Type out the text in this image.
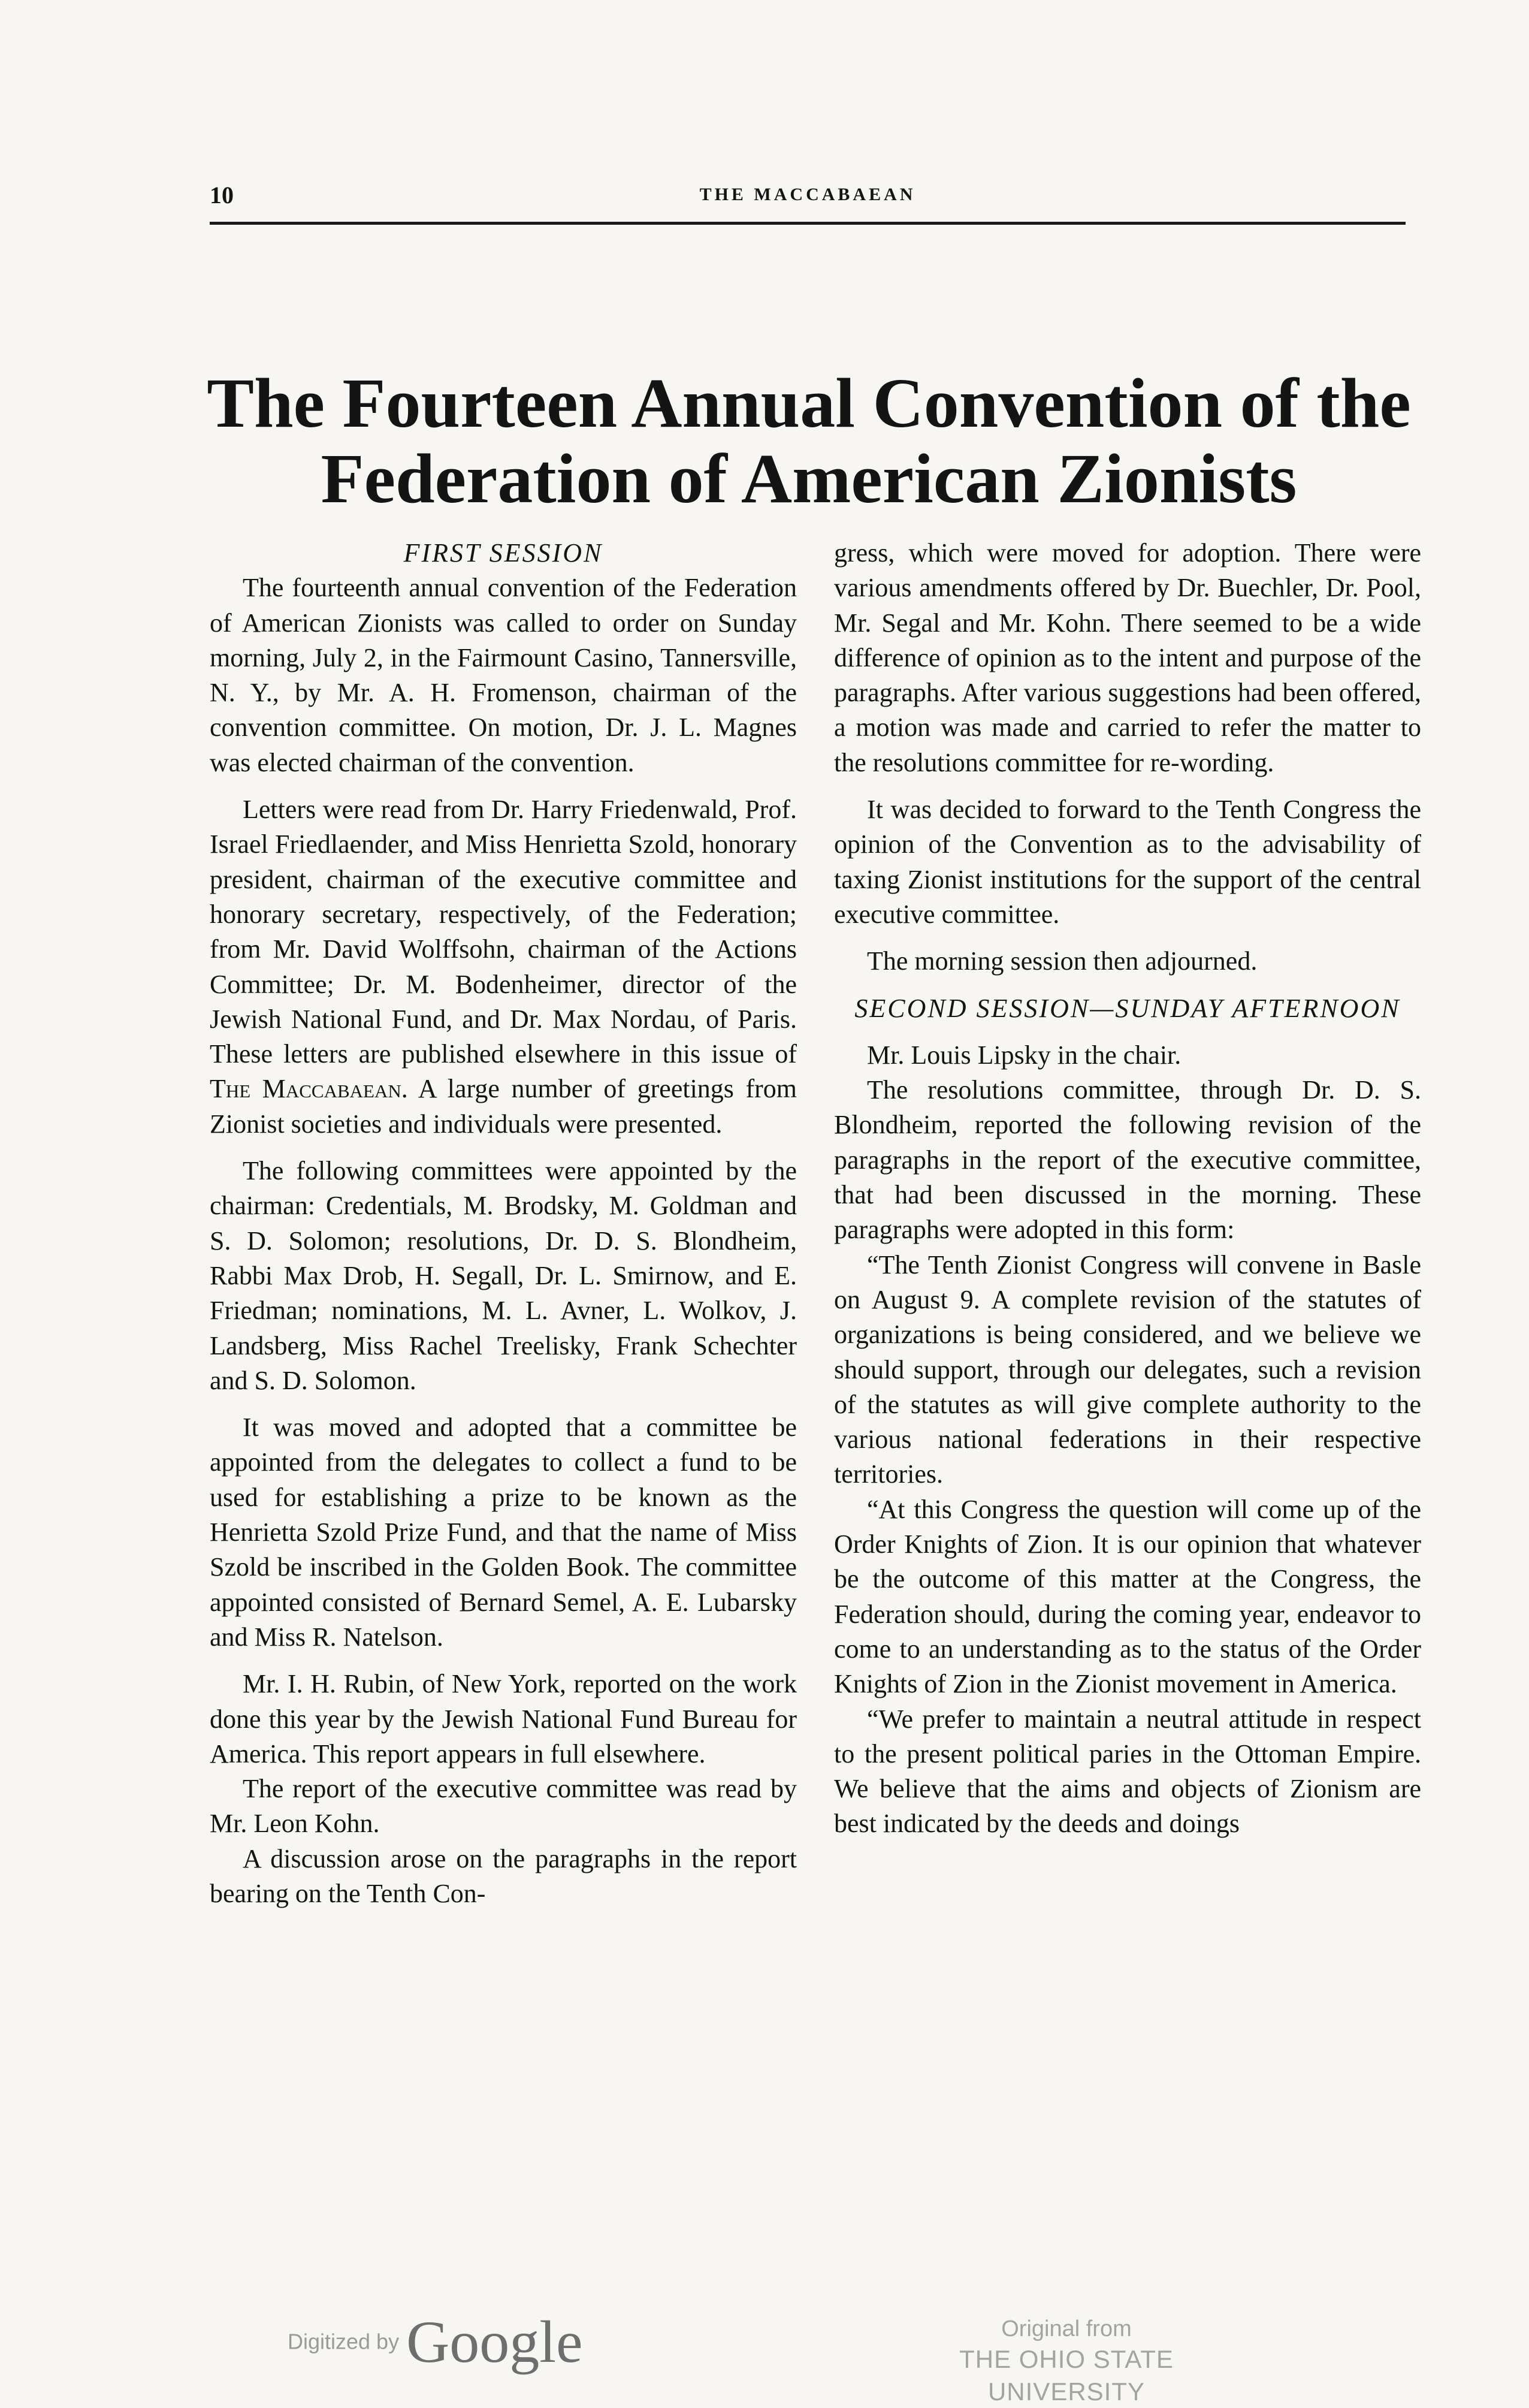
10	THE MACCABAEAN
The Fourteen Annual Convention of the
Federation of American Zionists
FIRST SESSION

The fourteenth annual convention of the Federation of American Zionists was called to order on Sunday morning, July 2, in the Fairmount Casino, Tannersville, N. Y., by Mr. A. H. Fromenson, chairman of the convention committee. On motion, Dr. J. L. Magnes was elected chairman of the convention.

Letters were read from Dr. Harry Friedenwald, Prof. Israel Friedlaender, and Miss Henrietta Szold, honorary president, chairman of the executive committee and honorary secretary, respectively, of the Federation; from Mr. David Wolffsohn, chairman of the Actions Committee; Dr. M. Bodenheimer, director of the Jewish National Fund, and Dr. Max Nordau, of Paris. These letters are published elsewhere in this issue of The Maccabaean. A large number of greetings from Zionist societies and individuals were presented.

The following committees were appointed by the chairman: Credentials, M. Brodsky, M. Goldman and S. D. Solomon; resolutions, Dr. D. S. Blondheim, Rabbi Max Drob, H. Segall, Dr. L. Smirnow, and E. Friedman; nominations, M. L. Avner, L. Wolkov, J. Landsberg, Miss Rachel Treelisky, Frank Schechter and S. D. Solomon.

It was moved and adopted that a committee be appointed from the delegates to collect a fund to be used for establishing a prize to be known as the Henrietta Szold Prize Fund, and that the name of Miss Szold be inscribed in the Golden Book. The committee appointed consisted of Bernard Semel, A. E. Lubarsky and Miss R. Natelson.

Mr. I. H. Rubin, of New York, reported on the work done this year by the Jewish National Fund Bureau for America. This report appears in full elsewhere.

The report of the executive committee was read by Mr. Leon Kohn.

A discussion arose on the paragraphs in the report bearing on the Tenth Con-

gress, which were moved for adoption. There were various amendments offered by Dr. Buechler, Dr. Pool, Mr. Segal and Mr. Kohn. There seemed to be a wide difference of opinion as to the intent and purpose of the paragraphs. After various suggestions had been offered, a motion was made and carried to refer the matter to the resolutions committee for re-wording.

It was decided to forward to the Tenth Congress the opinion of the Convention as to the advisability of taxing Zionist institutions for the support of the central executive committee.

The morning session then adjourned.

SECOND SESSION—SUNDAY AFTERNOON

Mr. Louis Lipsky in the chair.

The resolutions committee, through Dr. D. S. Blondheim, reported the following revision of the paragraphs in the report of the executive committee, that had been discussed in the morning. These paragraphs were adopted in this form:

“The Tenth Zionist Congress will convene in Basle on August 9. A complete revision of the statutes of organizations is being considered, and we believe we should support, through our delegates, such a revision of the statutes as will give complete authority to the various national federations in their respective territories.

“At this Congress the question will come up of the Order Knights of Zion. It is our opinion that whatever be the outcome of this matter at the Congress, the Federation should, during the coming year, endeavor to come to an understanding as to the status of the Order Knights of Zion in the Zionist movement in America.

“We prefer to maintain a neutral attitude in respect to the present political paries in the Ottoman Empire. We believe that the aims and objects of Zionism are best indicated by the deeds and doings

Digitized by Google	Original from
THE OHIO STATE UNIVERSITY
